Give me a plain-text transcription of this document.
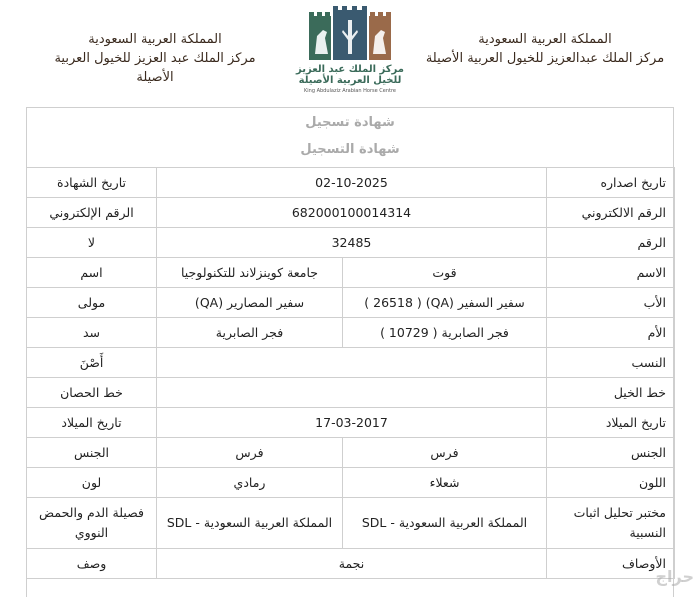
المملكة العربية السعودية
مركز الملك عبدالعزيز للخيول العربية الأصيلة
مركز الملك عبد العزيز
للخيل العربية الأصيلة
King Abdulaziz Arabian Horse Centre
المملكة العربية السعودية
مركز الملك عبد العزيز للخيول العربية الأصيلة
شهادة تسجيل
شهادة التسجيل
تاريخ اصداره	02-10-2025		تاريخ الشهادة
الرقم الالكتروني	682000100014314		الرقم الإلكتروني
الرقم	32485		لا
الاسم	قوت	جامعة كوينزلاند للتكنولوجيا	اسم
الأب	سفير السفير (QA) ( 26518 )	سفير المصارير (QA)	مولى
الأم	فجر الصابرية ( 10729 )	فجر الصابرية	سد
النسب			أَصْنَ
خط الخيل			خط الحصان
تاريخ الميلاد	17-03-2017		تاريخ الميلاد
الجنس	فرس	فرس	الجنس
اللون	شعلاء	رمادي	لون
مختبر تحليل اثبات النسبية	المملكة العربية السعودية - SDL	المملكة العربية السعودية - SDL	فصيلة الدم والحمض النووي
الأوصاف	نجمة		وصف
حراج
